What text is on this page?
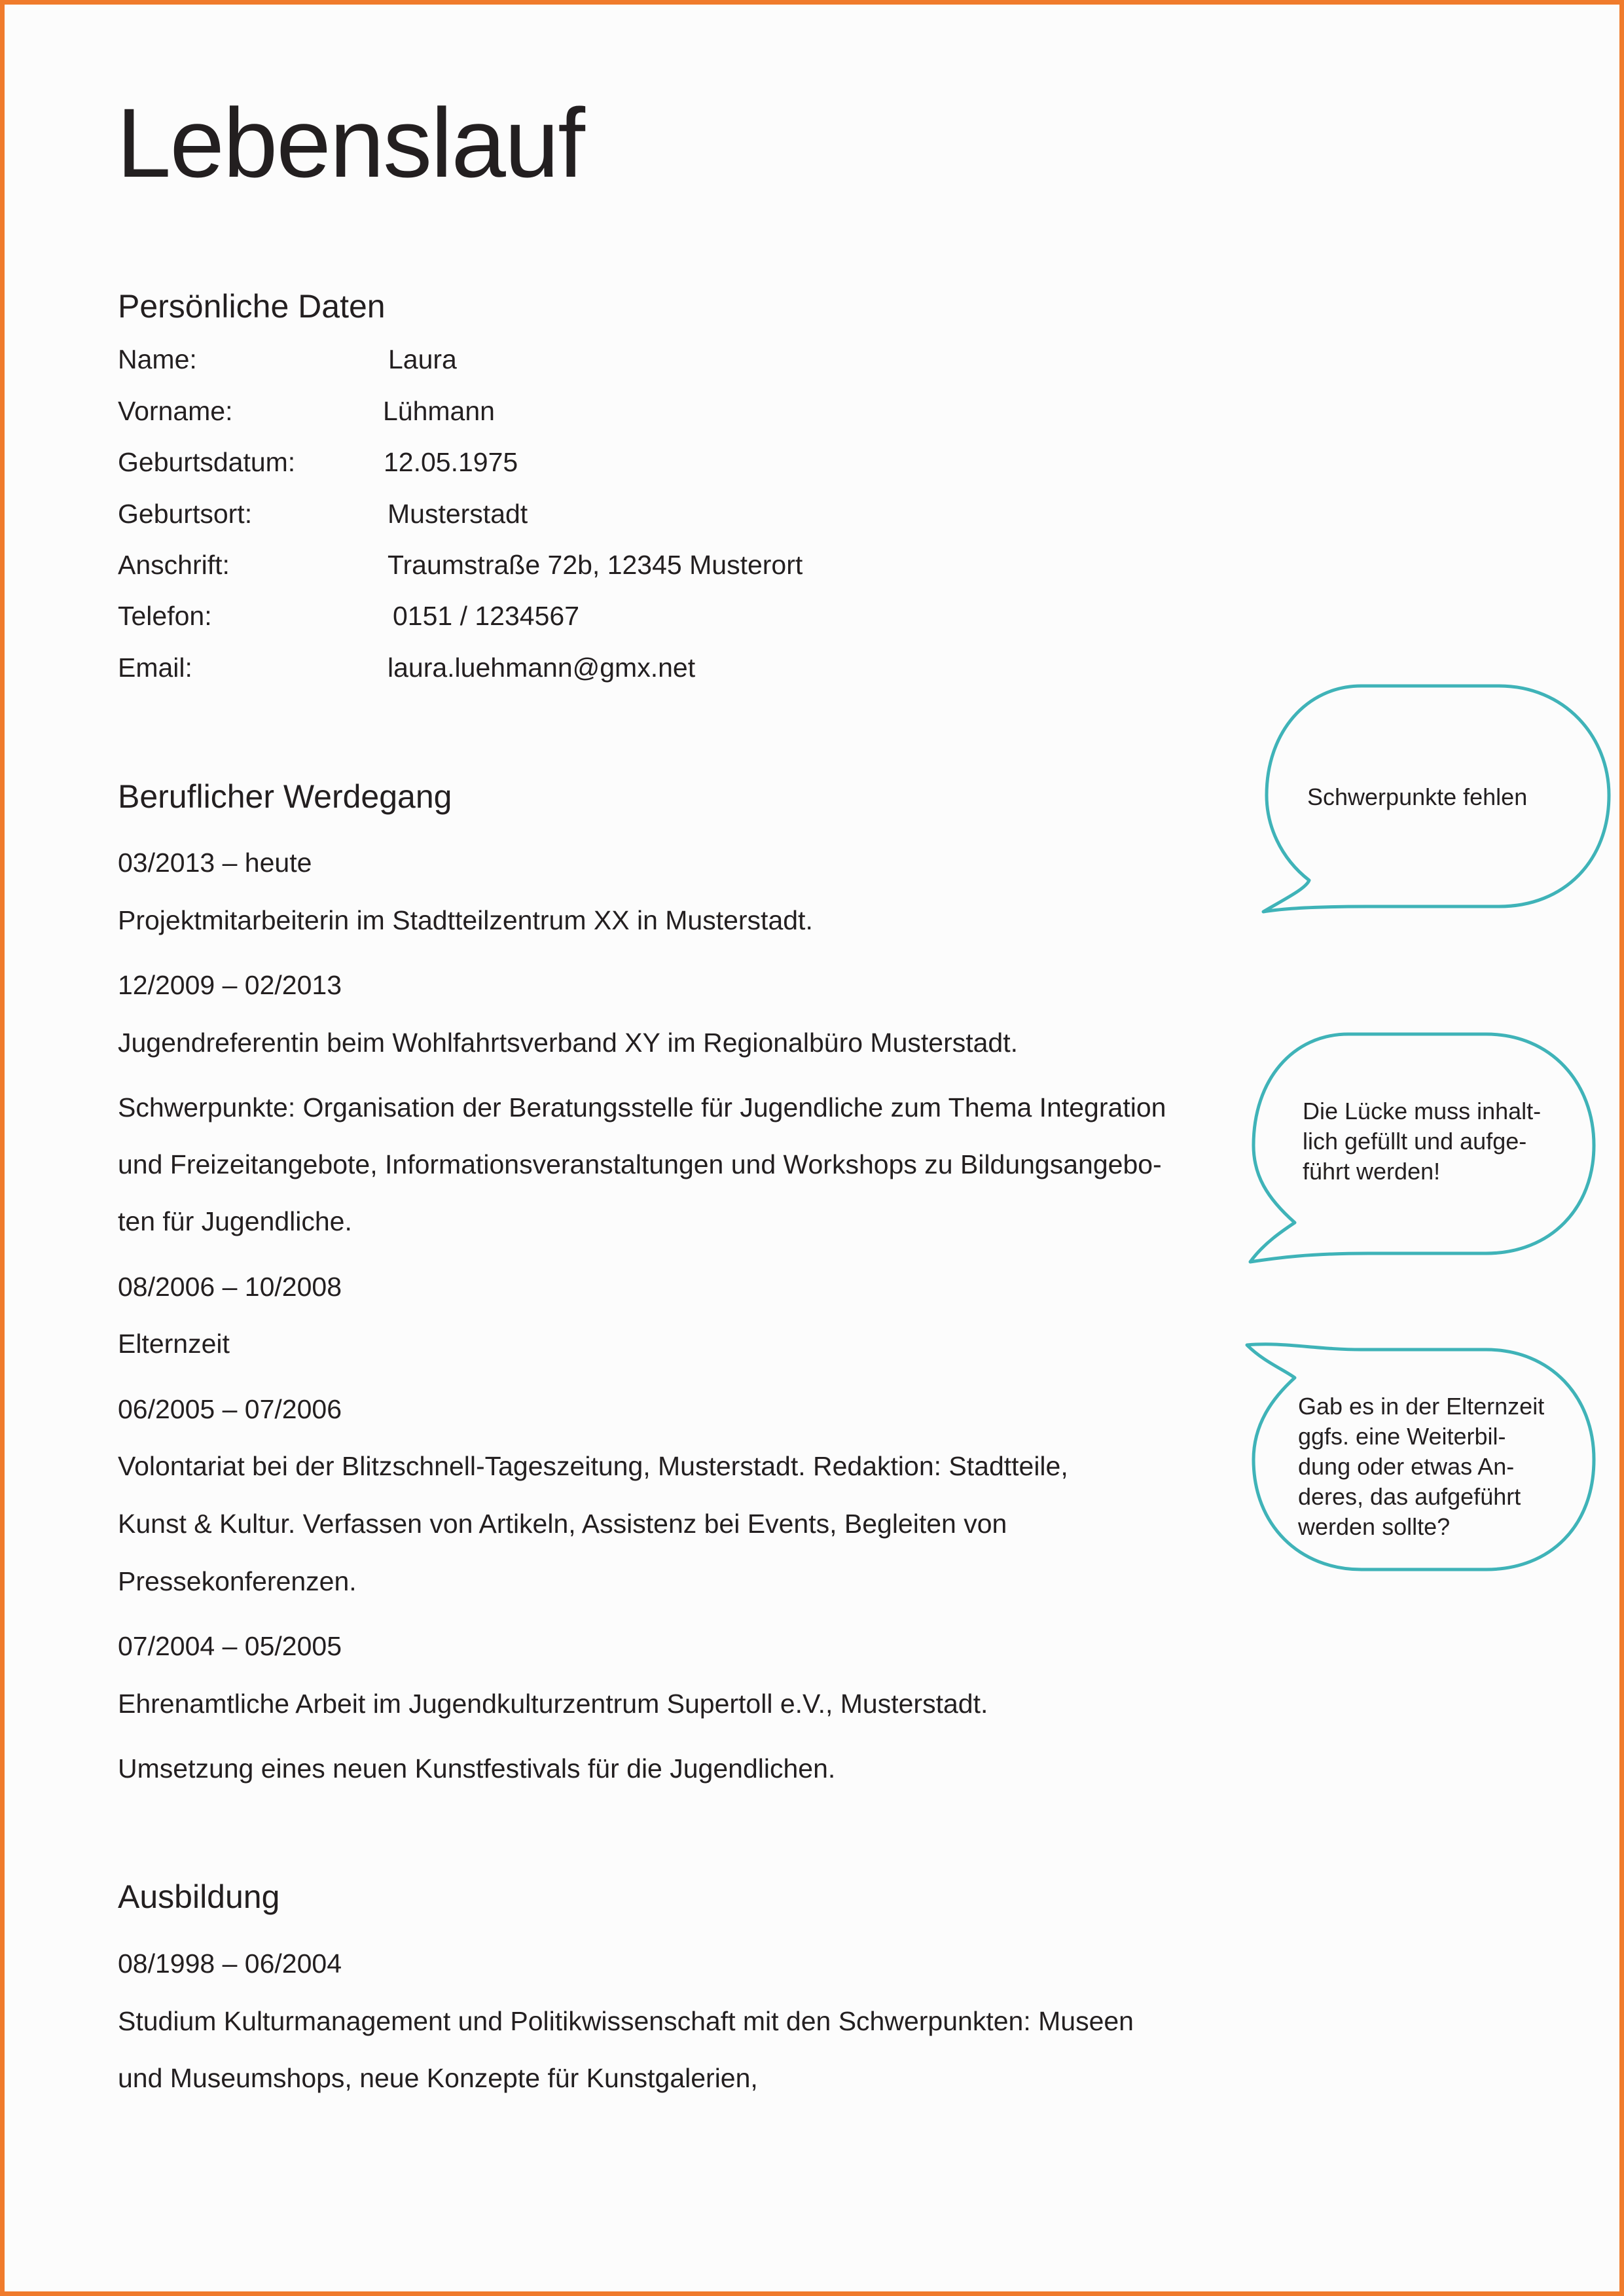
Lebenslauf
Persönliche Daten
Name:	Laura
Vorname:	Lühmann
Geburtsdatum:	12.05.1975
Geburtsort:	Musterstadt
Anschrift:	Traumstraße 72b, 12345 Musterort
Telefon:	0151 / 1234567
Email:	laura.luehmann@gmx.net
Beruflicher Werdegang
03/2013 – heute
Projektmitarbeiterin im Stadtteilzentrum XX in Musterstadt.
12/2009 – 02/2013
Jugendreferentin beim Wohlfahrtsverband XY im Regionalbüro Musterstadt.
Schwerpunkte: Organisation der Beratungsstelle für Jugendliche zum Thema Integration
und Freizeitangebote, Informationsveranstaltungen und Workshops zu Bildungsangebo-
ten für Jugendliche.
08/2006 – 10/2008
Elternzeit
06/2005 – 07/2006
Volontariat bei der Blitzschnell-Tageszeitung, Musterstadt. Redaktion: Stadtteile,
Kunst & Kultur. Verfassen von Artikeln, Assistenz bei Events, Begleiten von
Pressekonferenzen.
07/2004 – 05/2005
Ehrenamtliche Arbeit im Jugendkulturzentrum Supertoll e.V., Musterstadt.
Umsetzung eines neuen Kunstfestivals für die Jugendlichen.
Ausbildung
08/1998 – 06/2004
Studium Kulturmanagement und Politikwissenschaft mit den Schwerpunkten: Museen
und Museumshops, neue Konzepte für Kunstgalerien,
Schwerpunkte fehlen
Die Lücke muss inhalt-
lich gefüllt und aufge-
führt werden!
Gab es in der Elternzeit
ggfs. eine Weiterbil-
dung oder etwas An-
deres, das aufgeführt
werden sollte?
